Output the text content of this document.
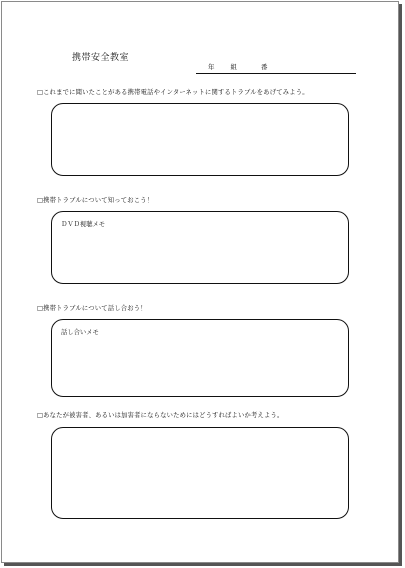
携帯安全教室
年 組	番
□これまでに聞いたことがある携帯電話やインターネットに関するトラブルをあげてみよう。
□携帯トラブルについて知っておこう！
ＤＶＤ視聴メモ
□携帯トラブルについて話し合おう！
話し合いメモ
□あなたが被害者、あるいは加害者にならないためにはどうすればよいか考えよう。
